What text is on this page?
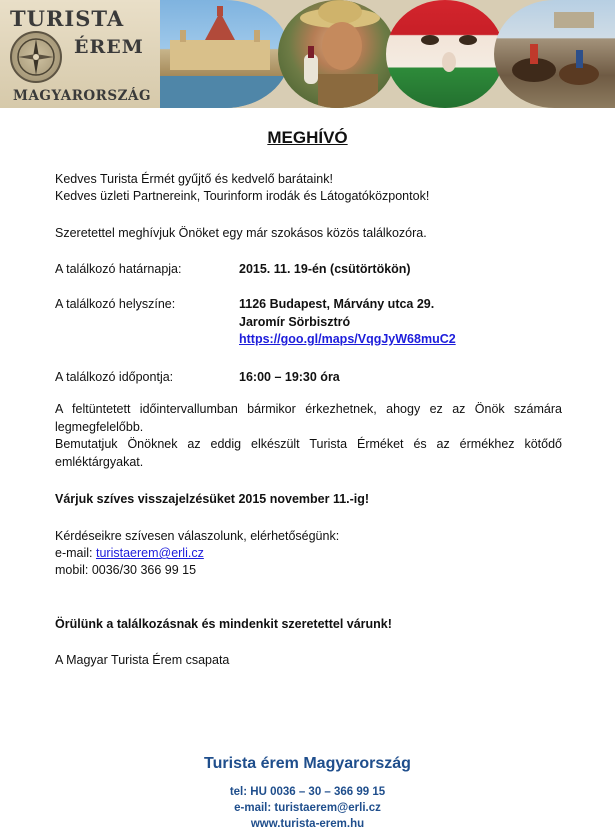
TURISTA
ÉREM
MAGYARORSZÁG
MEGHÍVÓ

Kedves Turista Érmét gyűjtő és kedvelő barátaink!

Kedves üzleti Partnereink, Tourinform irodák és Látogatóközpontok!

Szeretettel meghívjuk Önöket egy már szokásos közös találkozóra.

A találkozó határnapja:	2015. 11. 19-én (csütörtökön)
A találkozó helyszíne:	1126 Budapest, Márvány utca 29.
Jaromír Sörbisztró
https://goo.gl/maps/VqgJyW68muC2
A találkozó időpontja:	16:00 – 19:30 óra
A feltüntetett időintervallumban bármikor érkezhetnek, ahogy ez az Önök számára legmegfelelőbb.
Bemutatjuk Önöknek az eddig elkészült Turista Érméket és az érmékhez kötődő emléktárgyakat.

Várjuk szíves visszajelzésüket 2015 november 11.-ig!

Kérdéseikre szívesen válaszolunk, elérhetőségünk:

e-mail: turistaerem@erli.cz

mobil: 0036/30 366 99 15

Örülünk a találkozásnak és mindenkit szeretettel várunk!

A Magyar Turista Érem csapata

Turista érem Magyarország
tel: HU 0036 – 30 – 366 99 15
e-mail: turistaerem@erli.cz
www.turista-erem.hu
